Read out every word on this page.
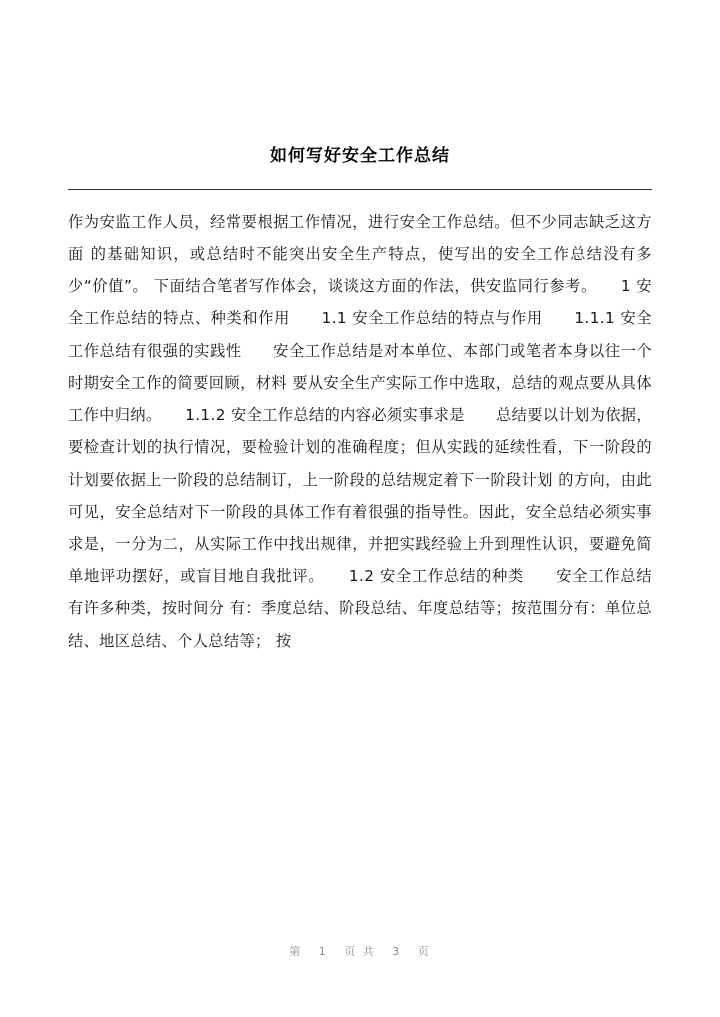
如何写好安全工作总结
作为安监工作人员，经常要根据工作情况，进行安全工作总结。但不少同志缺乏这方面 的基础知识，或总结时不能突出安全生产特点，使写出的安全工作总结没有多少“价值”。 下面结合笔者写作体会，谈谈这方面的作法，供安监同行参考。　　1 安全工作总结的特点、种类和作用　　1.1 安全工作总结的特点与作用　　1.1.1 安全工作总结有很强的实践性　　安全工作总结是对本单位、本部门或笔者本身以往一个时期安全工作的简要回顾，材料 要从安全生产实际工作中选取，总结的观点要从具体工作中归纳。　　1.1.2 安全工作总结的内容必须实事求是　　总结要以计划为依据，要检查计划的执行情况，要检验计划的准确程度；但从实践的延续性看，下一阶段的计划要依据上一阶段的总结制订，上一阶段的总结规定着下一阶段计划 的方向，由此可见，安全总结对下一阶段的具体工作有着很强的指导性。因此，安全总结必须实事求是，一分为二，从实际工作中找出规律，并把实践经验上升到理性认识，要避免简 单地评功摆好，或盲目地自我批评。　　1.2 安全工作总结的种类　　安全工作总结有许多种类，按时间分 有：季度总结、阶段总结、年度总结等；按范围分有：单位总结、地区总结、个人总结等； 按
第 1 页 共 3 页
